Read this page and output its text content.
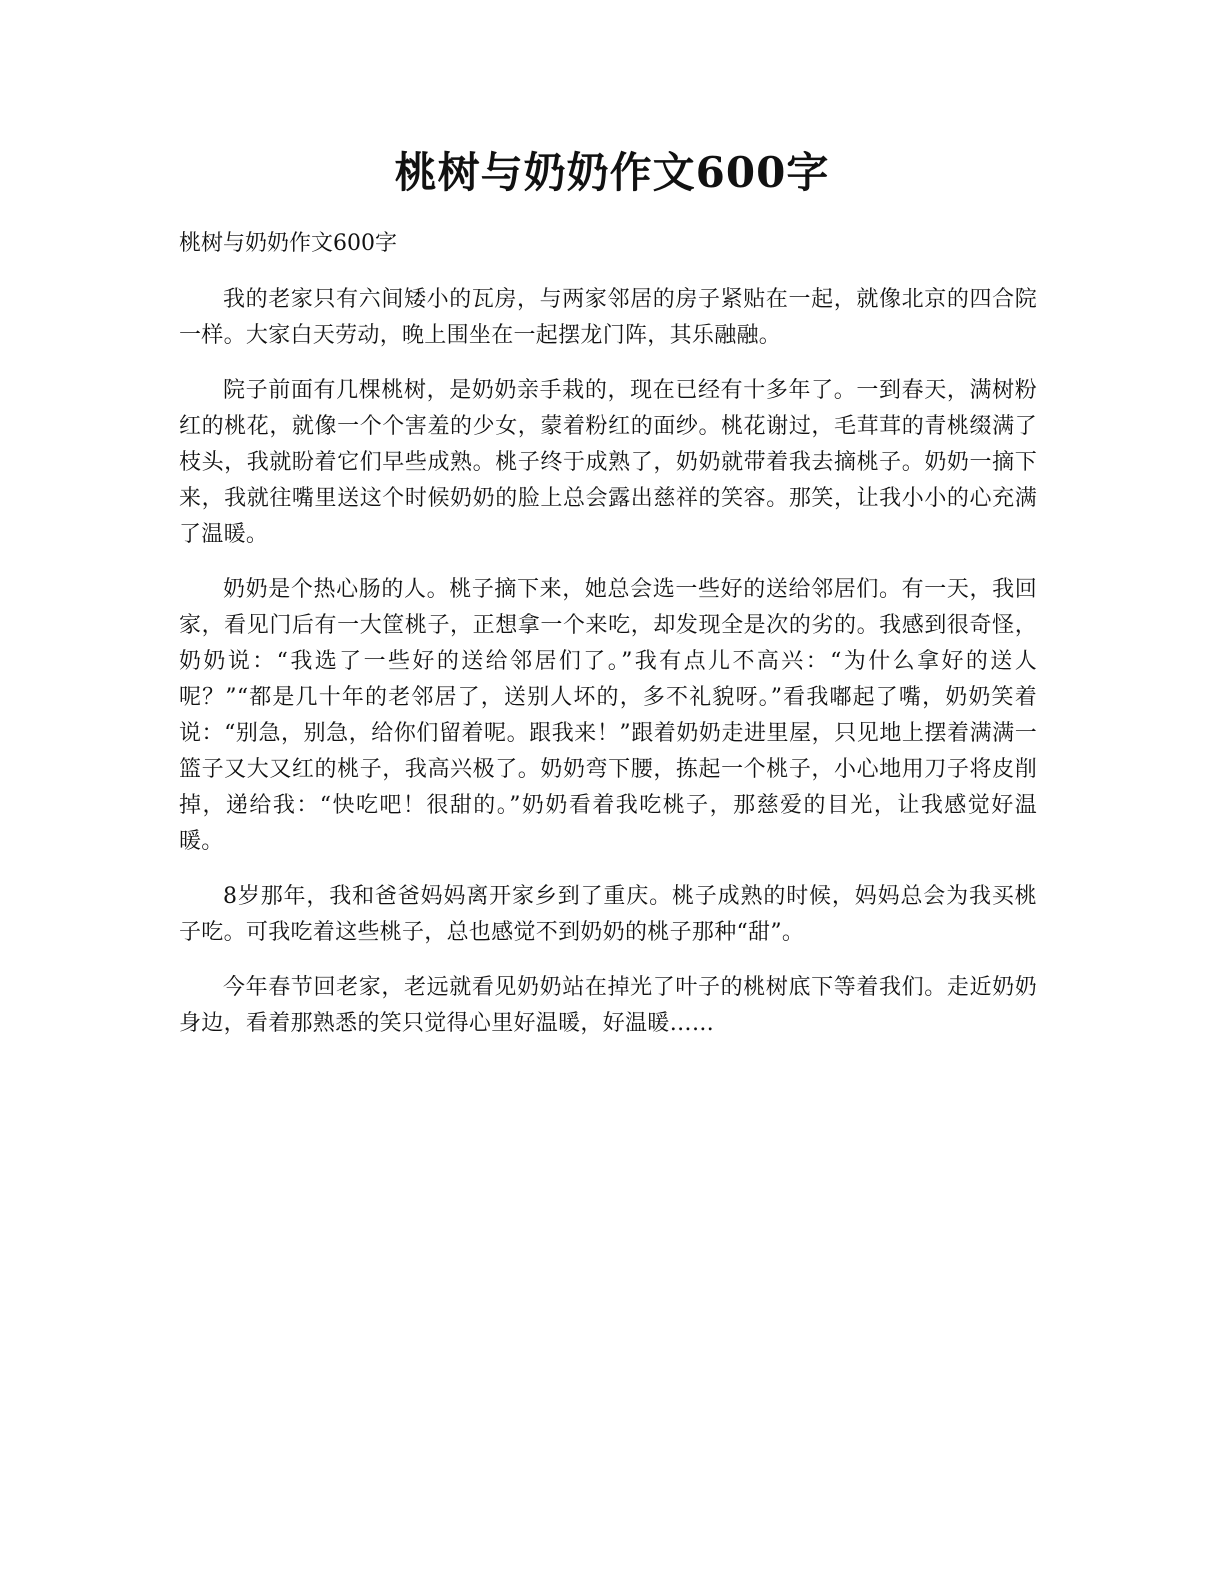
桃树与奶奶作文600字

桃树与奶奶作文600字

我的老家只有六间矮小的瓦房，与两家邻居的房子紧贴在一起，就像北京的四合院一样。大家白天劳动，晚上围坐在一起摆龙门阵，其乐融融。

院子前面有几棵桃树，是奶奶亲手栽的，现在已经有十多年了。一到春天，满树粉红的桃花，就像一个个害羞的少女，蒙着粉红的面纱。桃花谢过，毛茸茸的青桃缀满了枝头，我就盼着它们早些成熟。桃子终于成熟了，奶奶就带着我去摘桃子。奶奶一摘下来，我就往嘴里送这个时候奶奶的脸上总会露出慈祥的笑容。那笑，让我小小的心充满了温暖。

奶奶是个热心肠的人。桃子摘下来，她总会选一些好的送给邻居们。有一天，我回家，看见门后有一大筐桃子，正想拿一个来吃，却发现全是次的劣的。我感到很奇怪，奶奶说：“我选了一些好的送给邻居们了。”我有点儿不高兴：“为什么拿好的送人呢？”“都是几十年的老邻居了，送别人坏的，多不礼貌呀。”看我嘟起了嘴，奶奶笑着说：“别急，别急，给你们留着呢。跟我来！”跟着奶奶走进里屋，只见地上摆着满满一篮子又大又红的桃子，我高兴极了。奶奶弯下腰，拣起一个桃子，小心地用刀子将皮削掉，递给我：“快吃吧！很甜的。”奶奶看着我吃桃子，那慈爱的目光，让我感觉好温暖。

8岁那年，我和爸爸妈妈离开家乡到了重庆。桃子成熟的时候，妈妈总会为我买桃子吃。可我吃着这些桃子，总也感觉不到奶奶的桃子那种“甜”。

今年春节回老家，老远就看见奶奶站在掉光了叶子的桃树底下等着我们。走近奶奶身边，看着那熟悉的笑只觉得心里好温暖，好温暖……
